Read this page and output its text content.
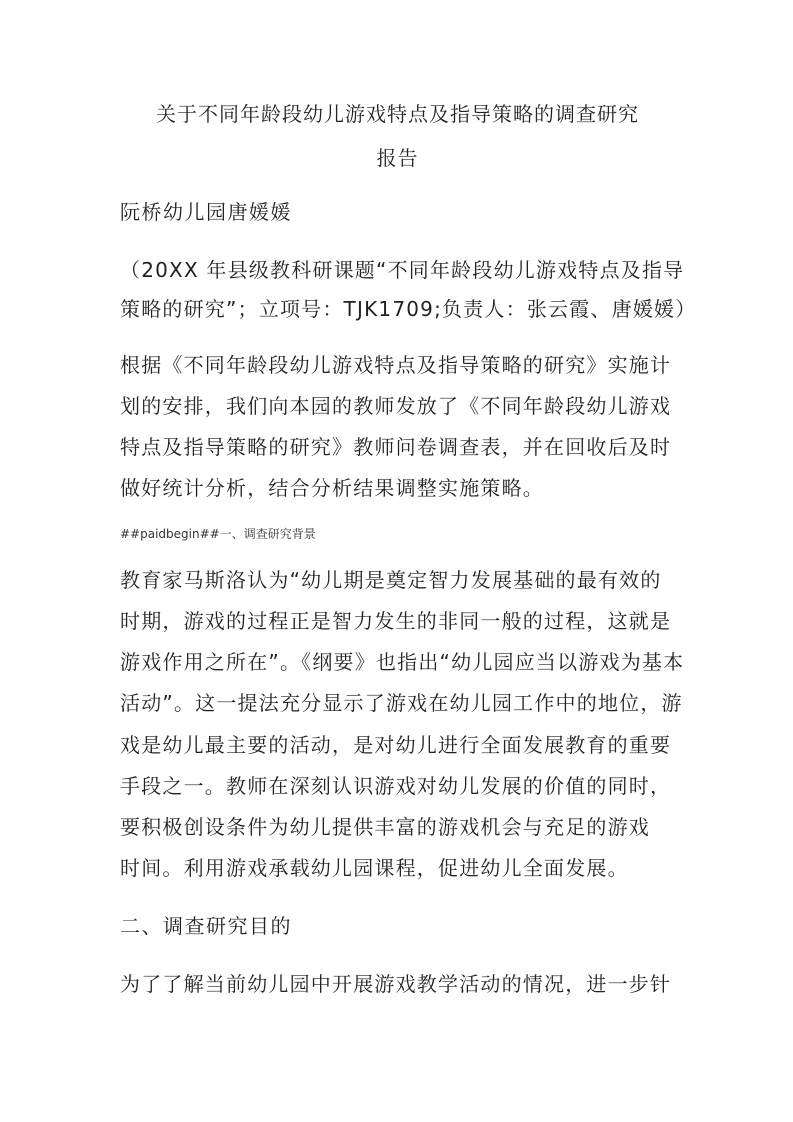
关于不同年龄段幼儿游戏特点及指导策略的调查研究
报告
阮桥幼儿园唐媛媛
（20XX 年县级教科研课题“不同年龄段幼儿游戏特点及指导
策略的研究”；立项号：TJK1709;负责人：张云霞、唐媛媛）
根据《不同年龄段幼儿游戏特点及指导策略的研究》实施计
划的安排，我们向本园的教师发放了《不同年龄段幼儿游戏
特点及指导策略的研究》教师问卷调查表，并在回收后及时
做好统计分析，结合分析结果调整实施策略。
##paidbegin##一、调查研究背景
教育家马斯洛认为“幼儿期是奠定智力发展基础的最有效的
时期，游戏的过程正是智力发生的非同一般的过程，这就是
游戏作用之所在”。《纲要》也指出“幼儿园应当以游戏为基本
活动”。这一提法充分显示了游戏在幼儿园工作中的地位，游
戏是幼儿最主要的活动，是对幼儿进行全面发展教育的重要
手段之一。教师在深刻认识游戏对幼儿发展的价值的同时，
要积极创设条件为幼儿提供丰富的游戏机会与充足的游戏
时间。利用游戏承载幼儿园课程，促进幼儿全面发展。
二、调查研究目的
为了了解当前幼儿园中开展游戏教学活动的情况，进一步针
